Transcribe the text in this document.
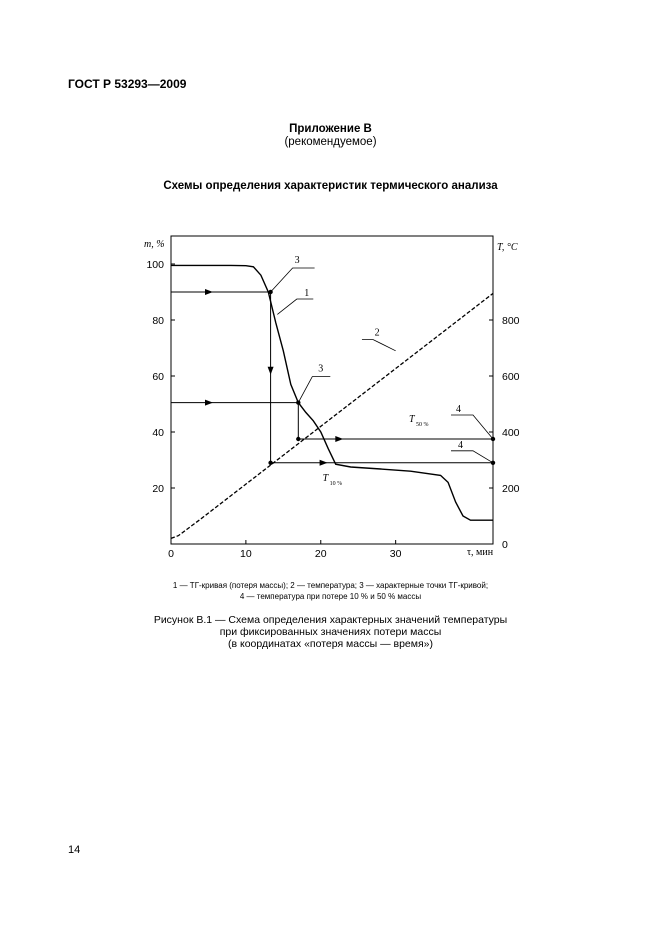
ГОСТ Р 53293—2009
Приложение В
(рекомендуемое)
Схемы определения характеристик термического анализа
0	10	20	30
20
40
60
80
100
0
200
400
600
800
m, %	T, °C
τ, мин
3
1
2
3
4
4
T 50 %
T 10 %
1 — ТГ-кривая (потеря массы); 2 — температура; 3 — характерные точки ТГ-кривой;
4 — температура при потере 10 % и 50 % массы
Рисунок В.1 — Схема определения характерных значений температуры
при фиксированных значениях потери массы
(в координатах «потеря массы — время»)
14
